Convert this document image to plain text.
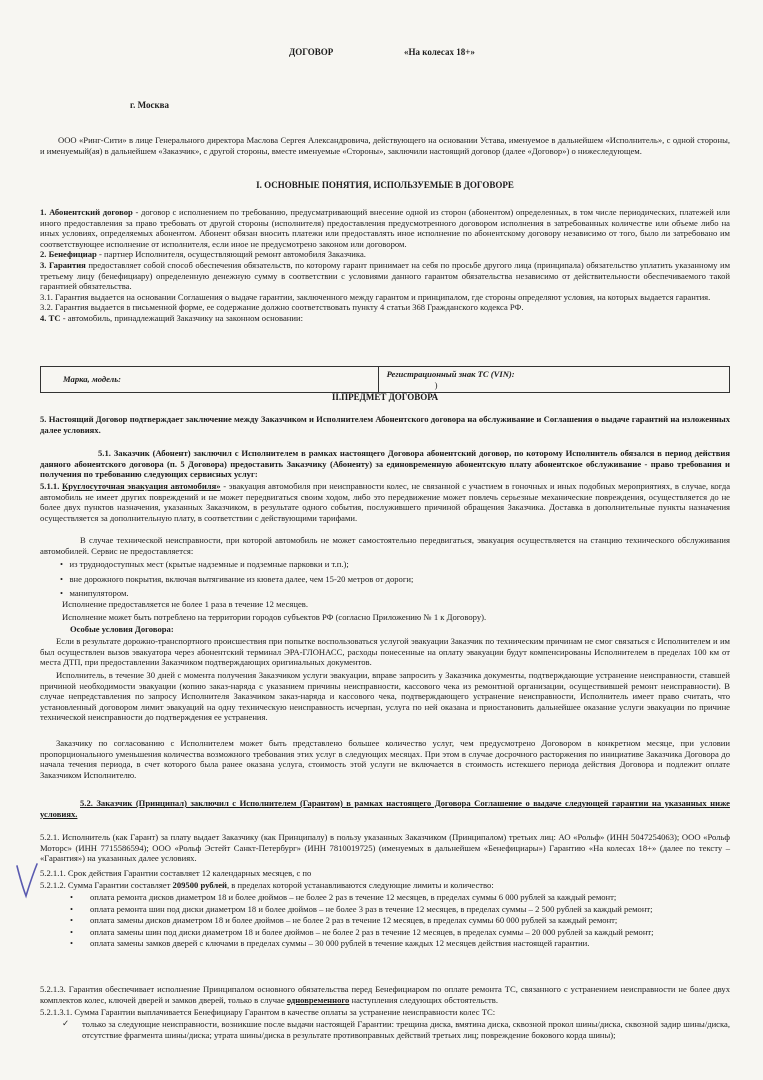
ДОГОВОР	«На колесах 18+»
г. Москва

ООО «Ринг-Сити» в лице Генерального директора Маслова Сергея Александровича, действующего на основании Устава, именуемое в дальнейшем «Исполнитель», с одной стороны, и именуемый(ая) в дальнейшем «Заказчик», с другой стороны, вместе именуемые «Стороны», заключили настоящий договор (далее «Договор») о нижеследующем.

I. ОСНОВНЫЕ ПОНЯТИЯ, ИСПОЛЬЗУЕМЫЕ В ДОГОВОРЕ

1. Абонентский договор - договор с исполнением по требованию, предусматривающий внесение одной из сторон (абонентом) определенных, в том числе периодических, платежей или иного предоставления за право требовать от другой стороны (исполнителя) предоставления предусмотренного договором исполнения в затребованных количестве или объеме либо на иных условиях, определяемых абонентом. Абонент обязан вносить платежи или предоставлять иное исполнение по абонентскому договору независимо от того, было ли затребовано им соответствующее исполнение от исполнителя, если иное не предусмотрено законом или договором.

2. Бенефициар - партнер Исполнителя, осуществляющий ремонт автомобиля Заказчика.

3. Гарантия предоставляет собой способ обеспечения обязательств, по которому гарант принимает на себя по просьбе другого лица (принципала) обязательство уплатить указанному им третьему лицу (бенефициару) определенную денежную сумму в соответствии с условиями данного гарантом обязательства независимо от действительности обеспечиваемого такой гарантией обязательства.

3.1. Гарантия выдается на основании Соглашения о выдаче гарантии, заключенного между гарантом и принципалом, где стороны определяют условия, на которых выдается гарантия.

3.2. Гарантия выдается в письменной форме, ее содержание должно соответствовать пункту 4 статьи 368 Гражданского кодекса РФ.

4. ТС - автомобиль, принадлежащий Заказчику на законном основании:

Марка, модель:	
Регистрационный знак ТС (VIN):
)
II.ПРЕДМЕТ ДОГОВОРА

5. Настоящий Договор подтверждает заключение между Заказчиком и Исполнителем Абонентского договора на обслуживание и Соглашения о выдаче гарантий на изложенных далее условиях.

5.1. Заказчик (Абонент) заключил с Исполнителем в рамках настоящего Договора абонентский договор, по которому Исполнитель обязался в период действия данного абонентского договора (п. 5 Договора) предоставить Заказчику (Абоненту) за единовременную абонентскую плату абонентское обслуживание - право требования и получения по требованию следующих сервисных услуг:

5.1.1. Круглосуточная эвакуация автомобиля» - эвакуация автомобиля при неисправности колес, не связанной с участием в гоночных и иных подобных мероприятиях, в случае, когда автомобиль не имеет других повреждений и не может передвигаться своим ходом, либо это передвижение может повлечь серьезные механические повреждения, осуществляется до не более двух пунктов назначения, указанных Заказчиком, в результате одного события, послужившего причиной обращения Заказчика. Доставка в дополнительные пункты назначения осуществляется за дополнительную плату, в соответствии с действующими тарифами.

В случае технической неисправности, при которой автомобиль не может самостоятельно передвигаться, эвакуация осуществляется на станцию технического обслуживания автомобилей. Сервис не предоставляется:

•   из труднодоступных мест (крытые надземные и подземные парковки и т.п.);
•   вне дорожного покрытия, включая вытягивание из кювета далее, чем 15-20 метров от дороги;
•   манипулятором.

Исполнение предоставляется не более 1 раза в течение 12 месяцев.

Исполнение может быть потреблено на территории городов субъектов РФ (согласно Приложению № 1 к Договору).

Особые условия Договора:

Если в результате дорожно-транспортного происшествия при попытке воспользоваться услугой эвакуации Заказчик по техническим причинам не смог связаться с Исполнителем и им был осуществлен вызов эвакуатора через абонентский терминал ЭРА-ГЛОНАСС, расходы понесенные на оплату эвакуации будут компенсированы Исполнителем в пределах 100 км от места ДТП, при предоставлении Заказчиком подтверждающих оригинальных документов.

Исполнитель, в течение 30 дней с момента получения Заказчиком услуги эвакуации, вправе запросить у Заказчика документы, подтверждающие устранение неисправности, ставшей причиной необходимости эвакуации (копию заказ-наряда с указанием причины неисправности, кассового чека из ремонтной организации, осуществившей ремонт неисправности). В случае непредставления по запросу Исполнителя Заказчиком заказ-наряда и кассового чека, подтверждающего устранение неисправности, Исполнитель имеет право считать, что установленный договором лимит эвакуаций на одну техническую неисправность исчерпан, услуга по ней оказана и приостановить дальнейшее оказание услуги эвакуации по причине технической неисправности до подтверждения ее устранения.

Заказчику по согласованию с Исполнителем может быть представлено большее количество услуг, чем предусмотрено Договором в конкретном месяце, при условии пропорционального уменьшения количества возможного требования этих услуг в следующих месяцах. При этом в случае досрочного расторжения по инициативе Заказчика Договора до начала течения периода, в счет которого была ранее оказана услуга, стоимость этой услуги не включается в стоимость истекшего периода действия Договора и подлежит оплате Заказчиком Исполнителю.

5.2. Заказчик (Принципал) заключил с Исполнителем (Гарантом) в рамках настоящего Договора Соглашение о выдаче следующей гарантии на указанных ниже условиях.

5.2.1. Исполнитель (как Гарант) за плату выдает Заказчику (как Принципалу) в пользу указанных Заказчиком (Принципалом) третьих лиц: АО «Рольф» (ИНН 5047254063); ООО «Рольф Моторс» (ИНН 7715586594); ООО «Рольф Эстейт Санкт-Петербург» (ИНН 7810019725) (именуемых в дальнейшем «Бенефициары») Гарантию «На колесах 18+» (далее по тексту – «Гарантия») на указанных далее условиях.

5.2.1.1. Срок действия Гарантии составляет 12 календарных месяцев, с по

5.2.1.2. Сумма Гарантии составляет 209500 рублей, в пределах которой устанавливаются следующие лимиты и количество:

•	оплата ремонта дисков диаметром 18 и более дюймов – не более 2 раз в течение 12 месяцев, в пределах суммы 6 000 рублей за каждый ремонт;
•	оплата ремонта шин под диски диаметром 18 и более дюймов – не более 3 раз в течение 12 месяцев, в пределах суммы – 2 500 рублей за каждый ремонт;
•	оплата замены дисков диаметром 18 и более дюймов – не более 2 раз в течение 12 месяцев, в пределах суммы 60 000 рублей за каждый ремонт;
•	оплата замены шин под диски диаметром 18 и более дюймов – не более 2 раз в течение 12 месяцев, в пределах суммы – 20 000 рублей за каждый ремонт;
•	оплата замены замков дверей с ключами в пределах суммы – 30 000 рублей в течение каждых 12 месяцев действия настоящей гарантии.

5.2.1.3. Гарантия обеспечивает исполнение Принципалом основного обязательства перед Бенефициаром по оплате ремонта ТС, связанного с устранением неисправности не более двух комплектов колес, ключей дверей и замков дверей, только в случае одновременного наступления следующих обстоятельств.

5.2.1.3.1. Сумма Гарантии выплачивается Бенефициару Гарантом в качестве оплаты за устранение неисправности колес ТС:

✓	только за следующие неисправности, возникшие после выдачи настоящей Гарантии: трещина диска, вмятина диска, сквозной прокол шины/диска, сквозной задир шины/диска, отсутствие фрагмента шины/диска; утрата шины/диска в результате противоправных действий третьих лиц; повреждение бокового корда шины);
